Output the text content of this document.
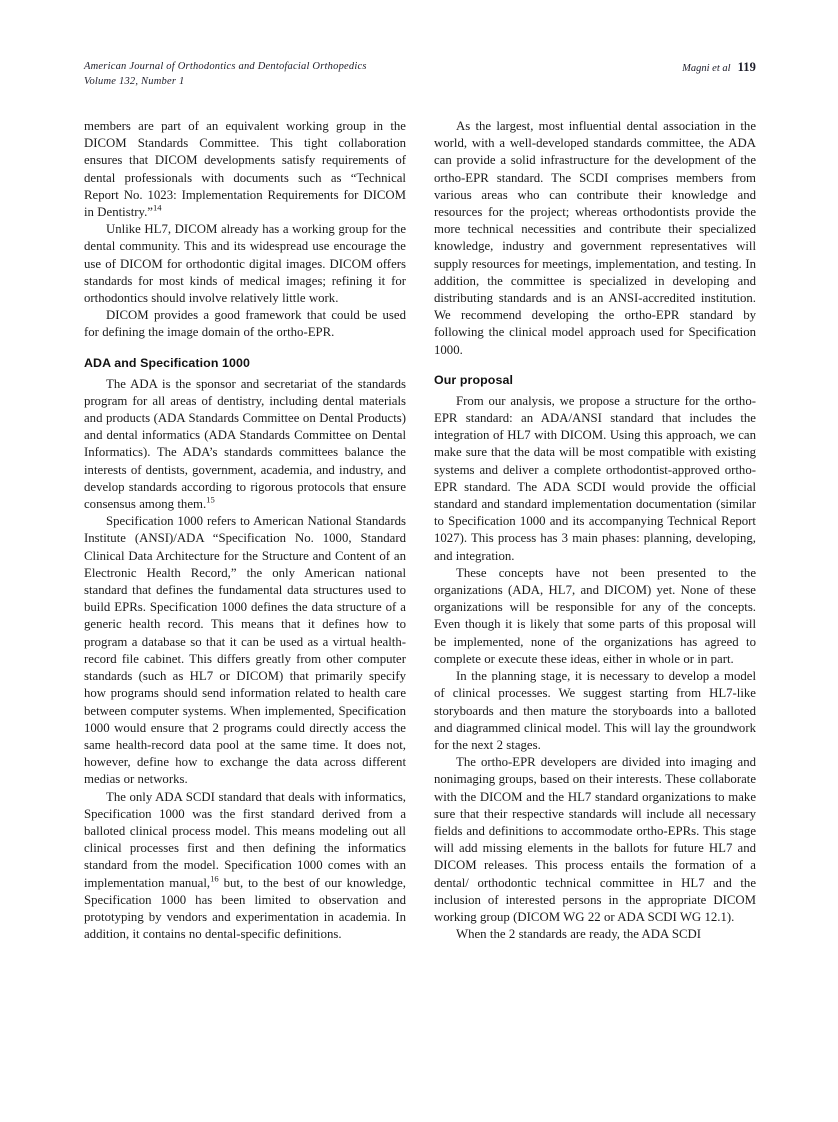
American Journal of Orthodontics and Dentofacial Orthopedics
Volume 132, Number 1
Magni et al 119

members are part of an equivalent working group in the DICOM Standards Committee. This tight collaboration ensures that DICOM developments satisfy requirements of dental professionals with documents such as “Technical Report No. 1023: Implementation Requirements for DICOM in Dentistry.”$^{14}$

Unlike HL7, DICOM already has a working group for the dental community. This and its widespread use encourage the use of DICOM for orthodontic digital images. DICOM offers standards for most kinds of medical images; refining it for orthodontics should involve relatively little work.

DICOM provides a good framework that could be used for defining the image domain of the ortho-EPR.

ADA and Specification 1000

The ADA is the sponsor and secretariat of the standards program for all areas of dentistry, including dental materials and products (ADA Standards Committee on Dental Products) and dental informatics (ADA Standards Committee on Dental Informatics). The ADA’s standards committees balance the interests of dentists, government, academia, and industry, and develop standards according to rigorous protocols that ensure consensus among them.$^{15}$

Specification 1000 refers to American National Standards Institute (ANSI)/ADA “Specification No. 1000, Standard Clinical Data Architecture for the Structure and Content of an Electronic Health Record,” the only American national standard that defines the fundamental data structures used to build EPRs. Specification 1000 defines the data structure of a generic health record. This means that it defines how to program a database so that it can be used as a virtual health-record file cabinet. This differs greatly from other computer standards (such as HL7 or DICOM) that primarily specify how programs should send information related to health care between computer systems. When implemented, Specification 1000 would ensure that 2 programs could directly access the same health-record data pool at the same time. It does not, however, define how to exchange the data across different medias or networks.

The only ADA SCDI standard that deals with informatics, Specification 1000 was the first standard derived from a balloted clinical process model. This means modeling out all clinical processes first and then defining the informatics standard from the model. Specification 1000 comes with an implementation manual,$^{16}$ but, to the best of our knowledge, Specification 1000 has been limited to observation and prototyping by vendors and experimentation in academia. In addition, it contains no dental-specific definitions.

As the largest, most influential dental association in the world, with a well-developed standards committee, the ADA can provide a solid infrastructure for the development of the ortho-EPR standard. The SCDI comprises members from various areas who can contribute their knowledge and resources for the project; whereas orthodontists provide the more technical necessities and contribute their specialized knowledge, industry and government representatives will supply resources for meetings, implementation, and testing. In addition, the committee is specialized in developing and distributing standards and is an ANSI-accredited institution. We recommend developing the ortho-EPR standard by following the clinical model approach used for Specification 1000.

Our proposal

From our analysis, we propose a structure for the ortho-EPR standard: an ADA/ANSI standard that includes the integration of HL7 with DICOM. Using this approach, we can make sure that the data will be most compatible with existing systems and deliver a complete orthodontist-approved ortho-EPR standard. The ADA SCDI would provide the official standard and standard implementation documentation (similar to Specification 1000 and its accompanying Technical Report 1027). This process has 3 main phases: planning, developing, and integration.

These concepts have not been presented to the organizations (ADA, HL7, and DICOM) yet. None of these organizations will be responsible for any of the concepts. Even though it is likely that some parts of this proposal will be implemented, none of the organizations has agreed to complete or execute these ideas, either in whole or in part.

In the planning stage, it is necessary to develop a model of clinical processes. We suggest starting from HL7-like storyboards and then mature the storyboards into a balloted and diagrammed clinical model. This will lay the groundwork for the next 2 stages.

The ortho-EPR developers are divided into imaging and nonimaging groups, based on their interests. These collaborate with the DICOM and the HL7 standard organizations to make sure that their respective standards will include all necessary fields and definitions to accommodate ortho-EPRs. This stage will add missing elements in the ballots for future HL7 and DICOM releases. This process entails the formation of a dental/ orthodontic technical committee in HL7 and the inclusion of interested persons in the appropriate DICOM working group (DICOM WG 22 or ADA SCDI WG 12.1).

When the 2 standards are ready, the ADA SCDI
